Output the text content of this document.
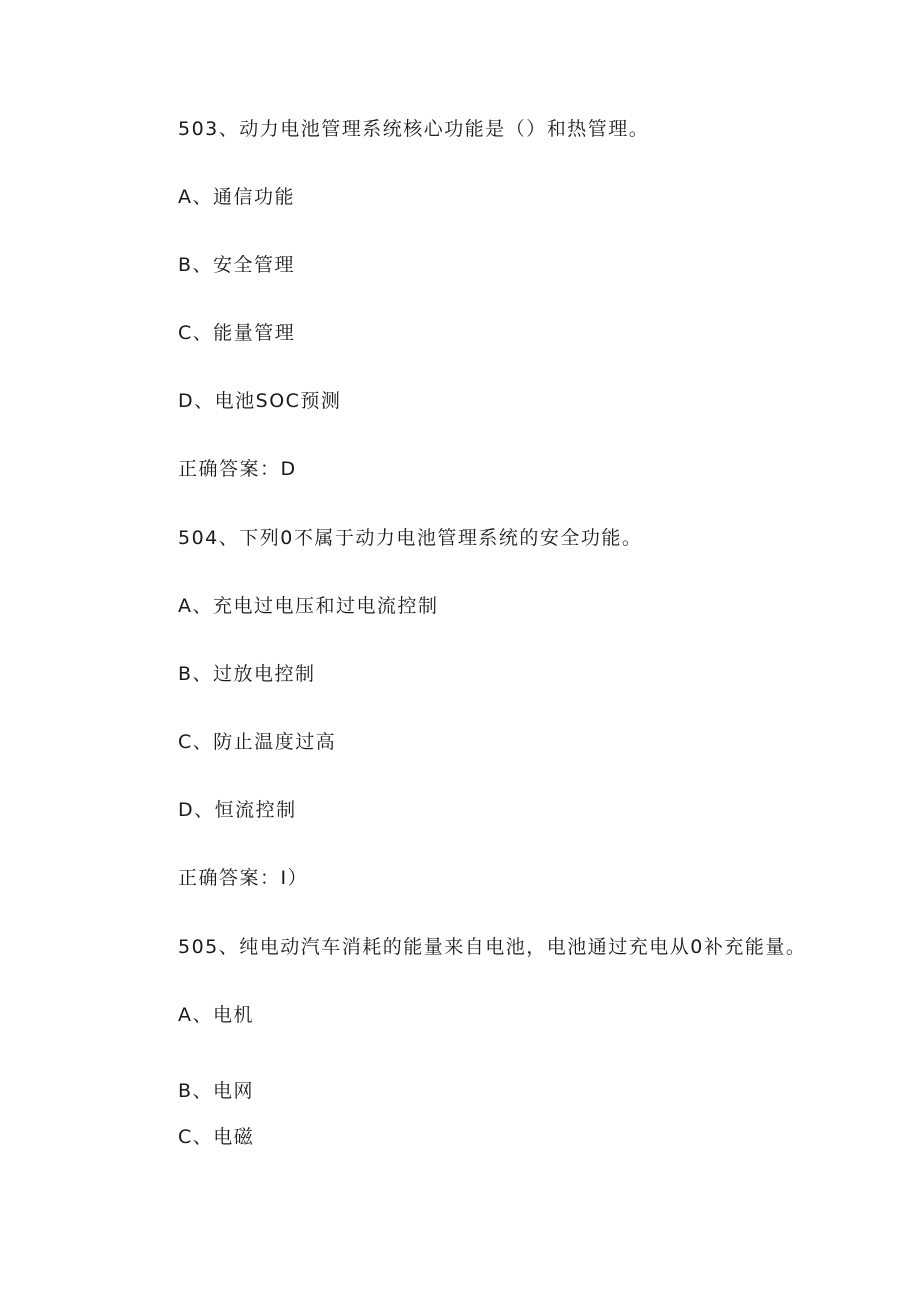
503、动力电池管理系统核心功能是（）和热管理。
A、通信功能
B、安全管理
C、能量管理
D、电池SOC预测
正确答案：D
504、下列0不属于动力电池管理系统的安全功能。
A、充电过电压和过电流控制
B、过放电控制
C、防止温度过高
D、恒流控制
正确答案：I）
505、纯电动汽车消耗的能量来自电池，电池通过充电从0补充能量。
A、电机
B、电网
C、电磁
